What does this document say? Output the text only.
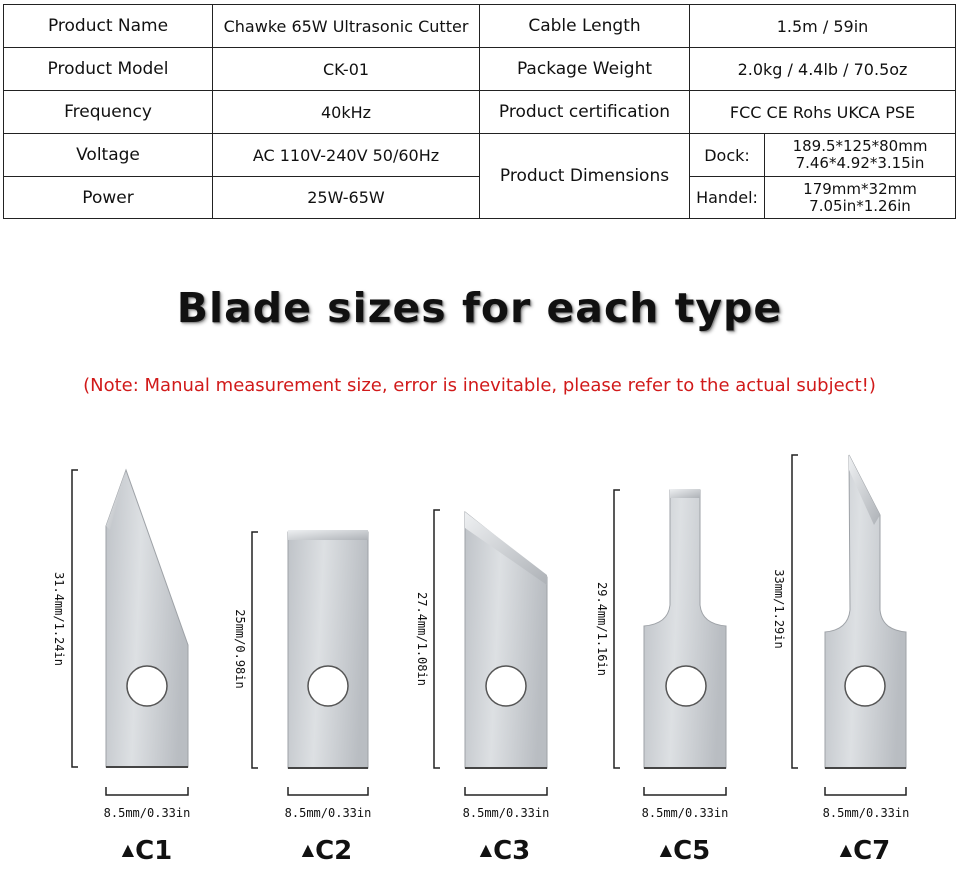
Product Name	Chawke 65W Ultrasonic Cutter	Cable Length	1.5m / 59in	
Product Model	CK-01	Package Weight	2.0kg / 4.4lb / 70.5oz	
Frequency	40kHz	Product certification	FCC CE Rohs UKCA PSE	
Voltage	AC 110V-240V 50/60Hz	Product Dimensions	Dock:	189.5*125*80mm
7.46*4.92*3.15in

Power	25W-65W		Handel:	179mm*32mm
7.05in*1.26in
Blade sizes for each type
(Note: Manual measurement size, error is inevitable, please refer to the actual subject!)
31.4mm/1.24in	25mm/0.98in	27.4mm/1.08in	29.4mm/1.16in	33mm/1.29in
8.5mm/0.33in	8.5mm/0.33in	8.5mm/0.33in	8.5mm/0.33in	8.5mm/0.33in
▲C1	▲C2	▲C3	▲C5	▲C7
